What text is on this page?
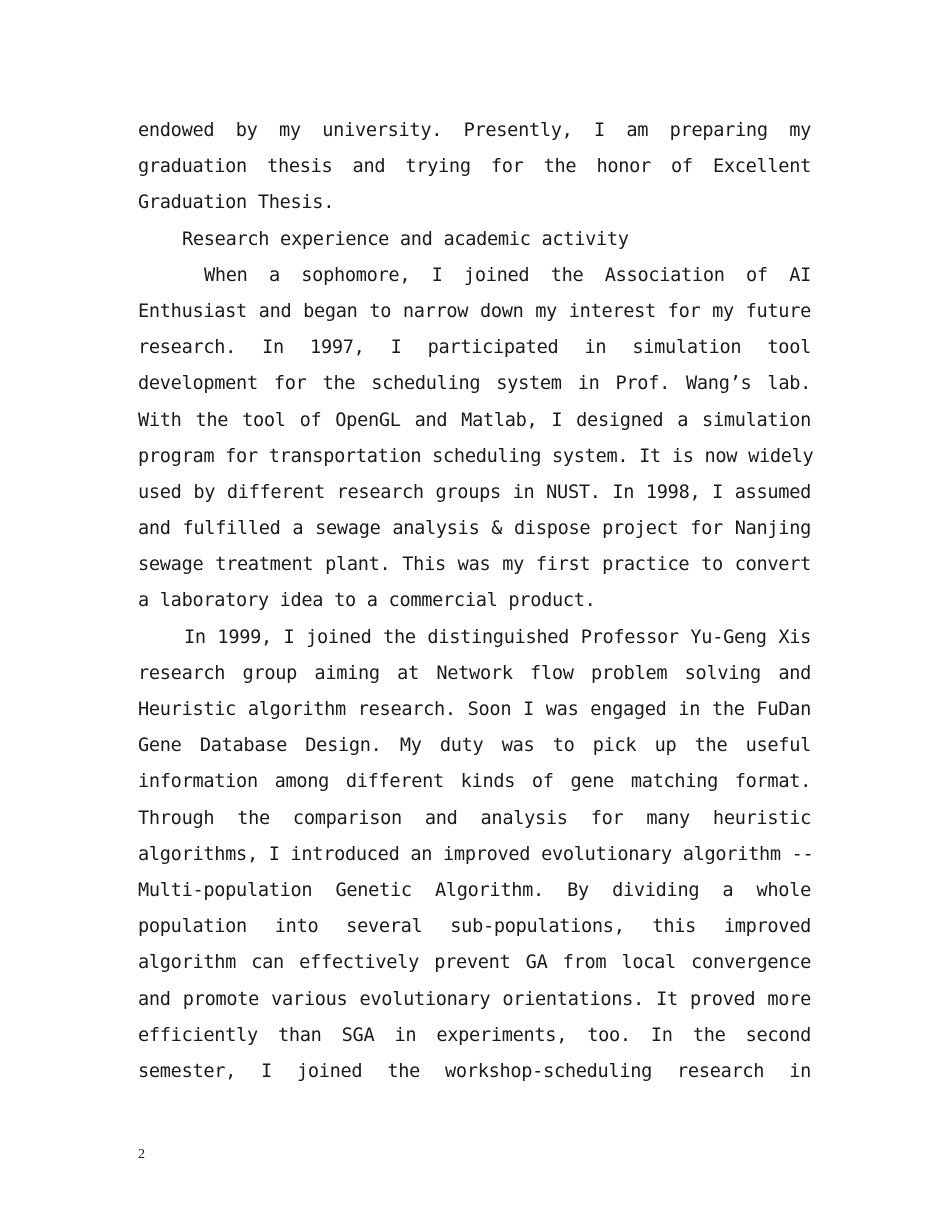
endowed by my university. Presently, I am preparing my
graduation thesis and trying for the honor of Excellent
Graduation Thesis.
Research experience and academic activity
When a sophomore, I joined the Association of AI
Enthusiast and began to narrow down my interest for my future
research. In 1997, I participated in simulation tool
development for the scheduling system in Prof. Wang’s lab.
With the tool of OpenGL and Matlab, I designed a simulation
program for transportation scheduling system. It is now widely
used by different research groups in NUST. In 1998, I assumed
and fulfilled a sewage analysis & dispose project for Nanjing
sewage treatment plant. This was my first practice to convert
a laboratory idea to a commercial product.
In 1999, I joined the distinguished Professor Yu-Geng Xis
research group aiming at Network flow problem solving and
Heuristic algorithm research. Soon I was engaged in the FuDan
Gene Database Design. My duty was to pick up the useful
information among different kinds of gene matching format.
Through the comparison and analysis for many heuristic
algorithms, I introduced an improved evolutionary algorithm --
Multi-population Genetic Algorithm. By dividing a whole
population into several sub-populations, this improved
algorithm can effectively prevent GA from local convergence
and promote various evolutionary orientations. It proved more
efficiently than SGA in experiments, too. In the second
semester, I joined the workshop-scheduling research in
2
